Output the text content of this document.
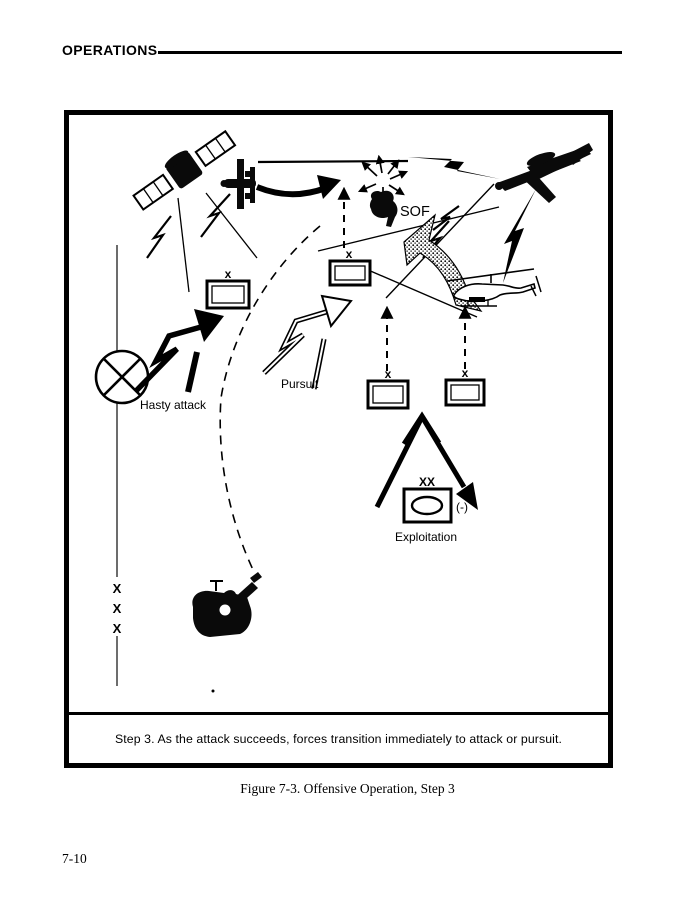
OPERATIONS
X
X
X
SOF
x
x
x	x
Hasty attack
Pursuit
XX
(-)
Exploitation
Step 3. As the attack succeeds, forces transition immediately to attack or pursuit.
Figure 7-3. Offensive Operation, Step 3
7-10
